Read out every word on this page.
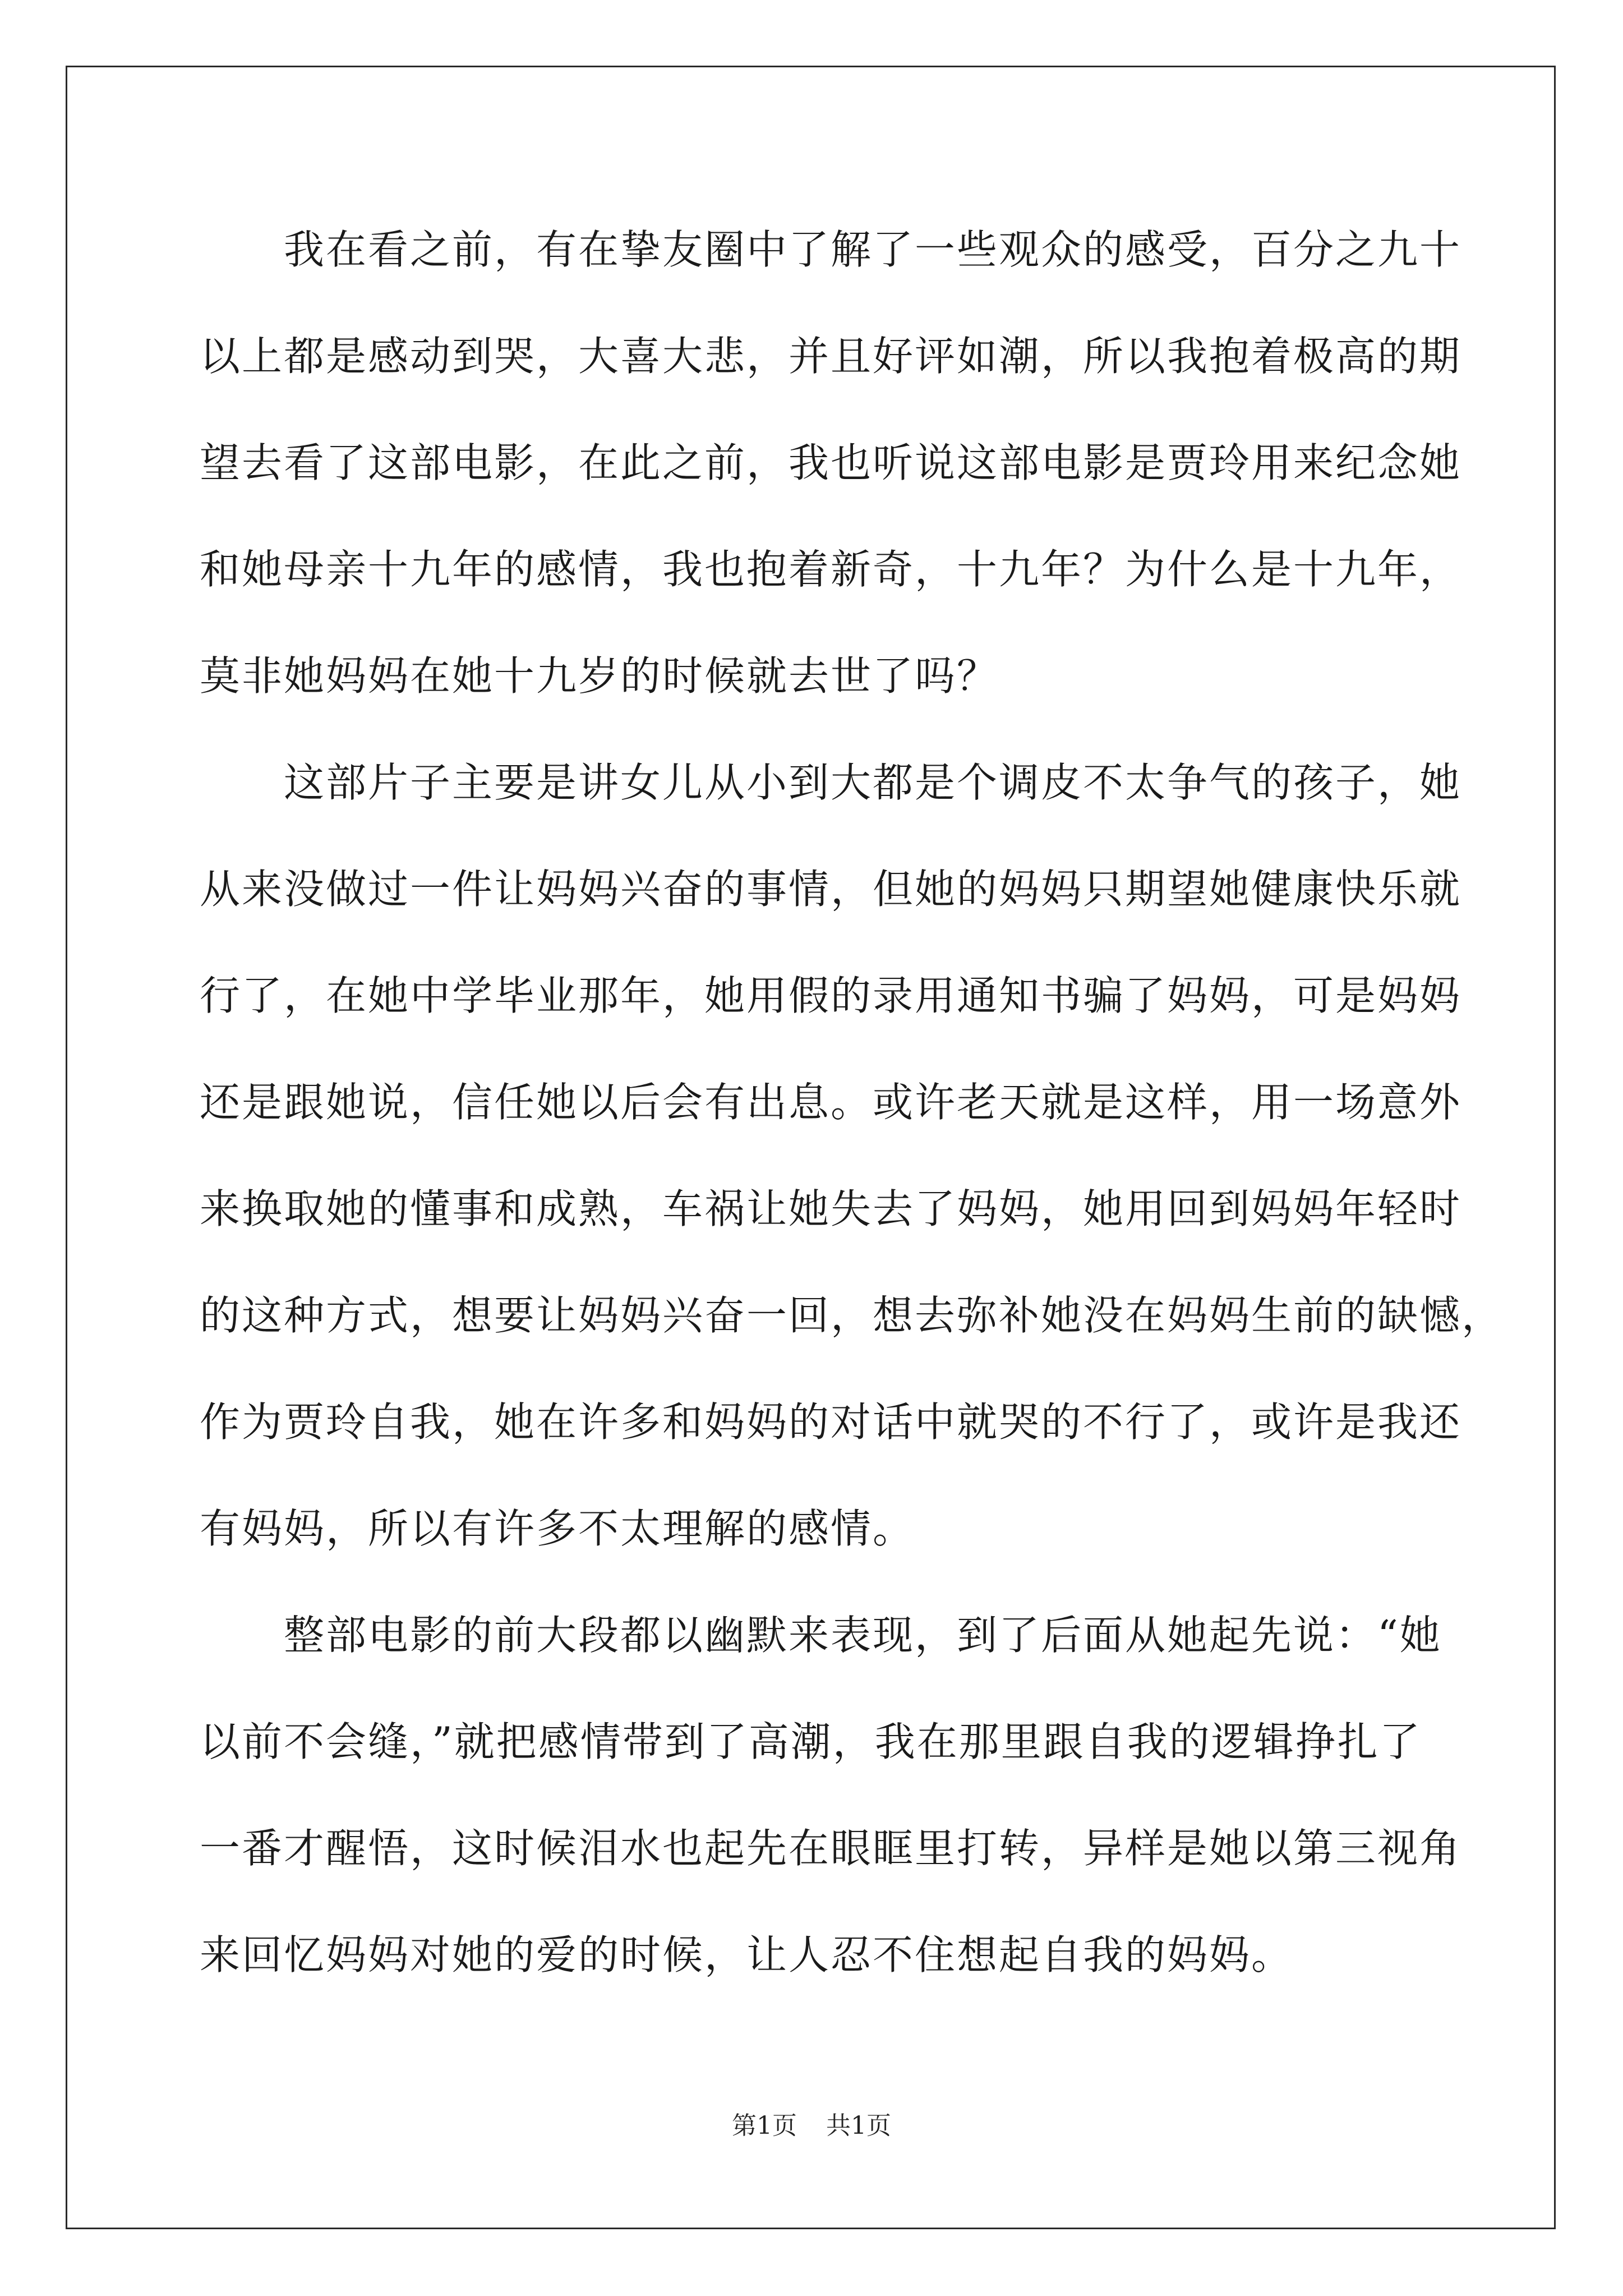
我在看之前，有在挚友圈中了解了一些观众的感受，百分之九十
以上都是感动到哭，大喜大悲，并且好评如潮，所以我抱着极高的期
望去看了这部电影，在此之前，我也听说这部电影是贾玲用来纪念她
和她母亲十九年的感情，我也抱着新奇，十九年？为什么是十九年，
莫非她妈妈在她十九岁的时候就去世了吗？
这部片子主要是讲女儿从小到大都是个调皮不太争气的孩子，她
从来没做过一件让妈妈兴奋的事情，但她的妈妈只期望她健康快乐就
行了，在她中学毕业那年，她用假的录用通知书骗了妈妈，可是妈妈
还是跟她说，信任她以后会有出息。或许老天就是这样，用一场意外
来换取她的懂事和成熟，车祸让她失去了妈妈，她用回到妈妈年轻时
的这种方式，想要让妈妈兴奋一回，想去弥补她没在妈妈生前的缺憾，
作为贾玲自我，她在许多和妈妈的对话中就哭的不行了，或许是我还
有妈妈，所以有许多不太理解的感情。
整部电影的前大段都以幽默来表现，到了后面从她起先说：“她
以前不会缝，”就把感情带到了高潮，我在那里跟自我的逻辑挣扎了
一番才醒悟，这时候泪水也起先在眼眶里打转，异样是她以第三视角
来回忆妈妈对她的爱的时候，让人忍不住想起自我的妈妈。
第1页 共1页
